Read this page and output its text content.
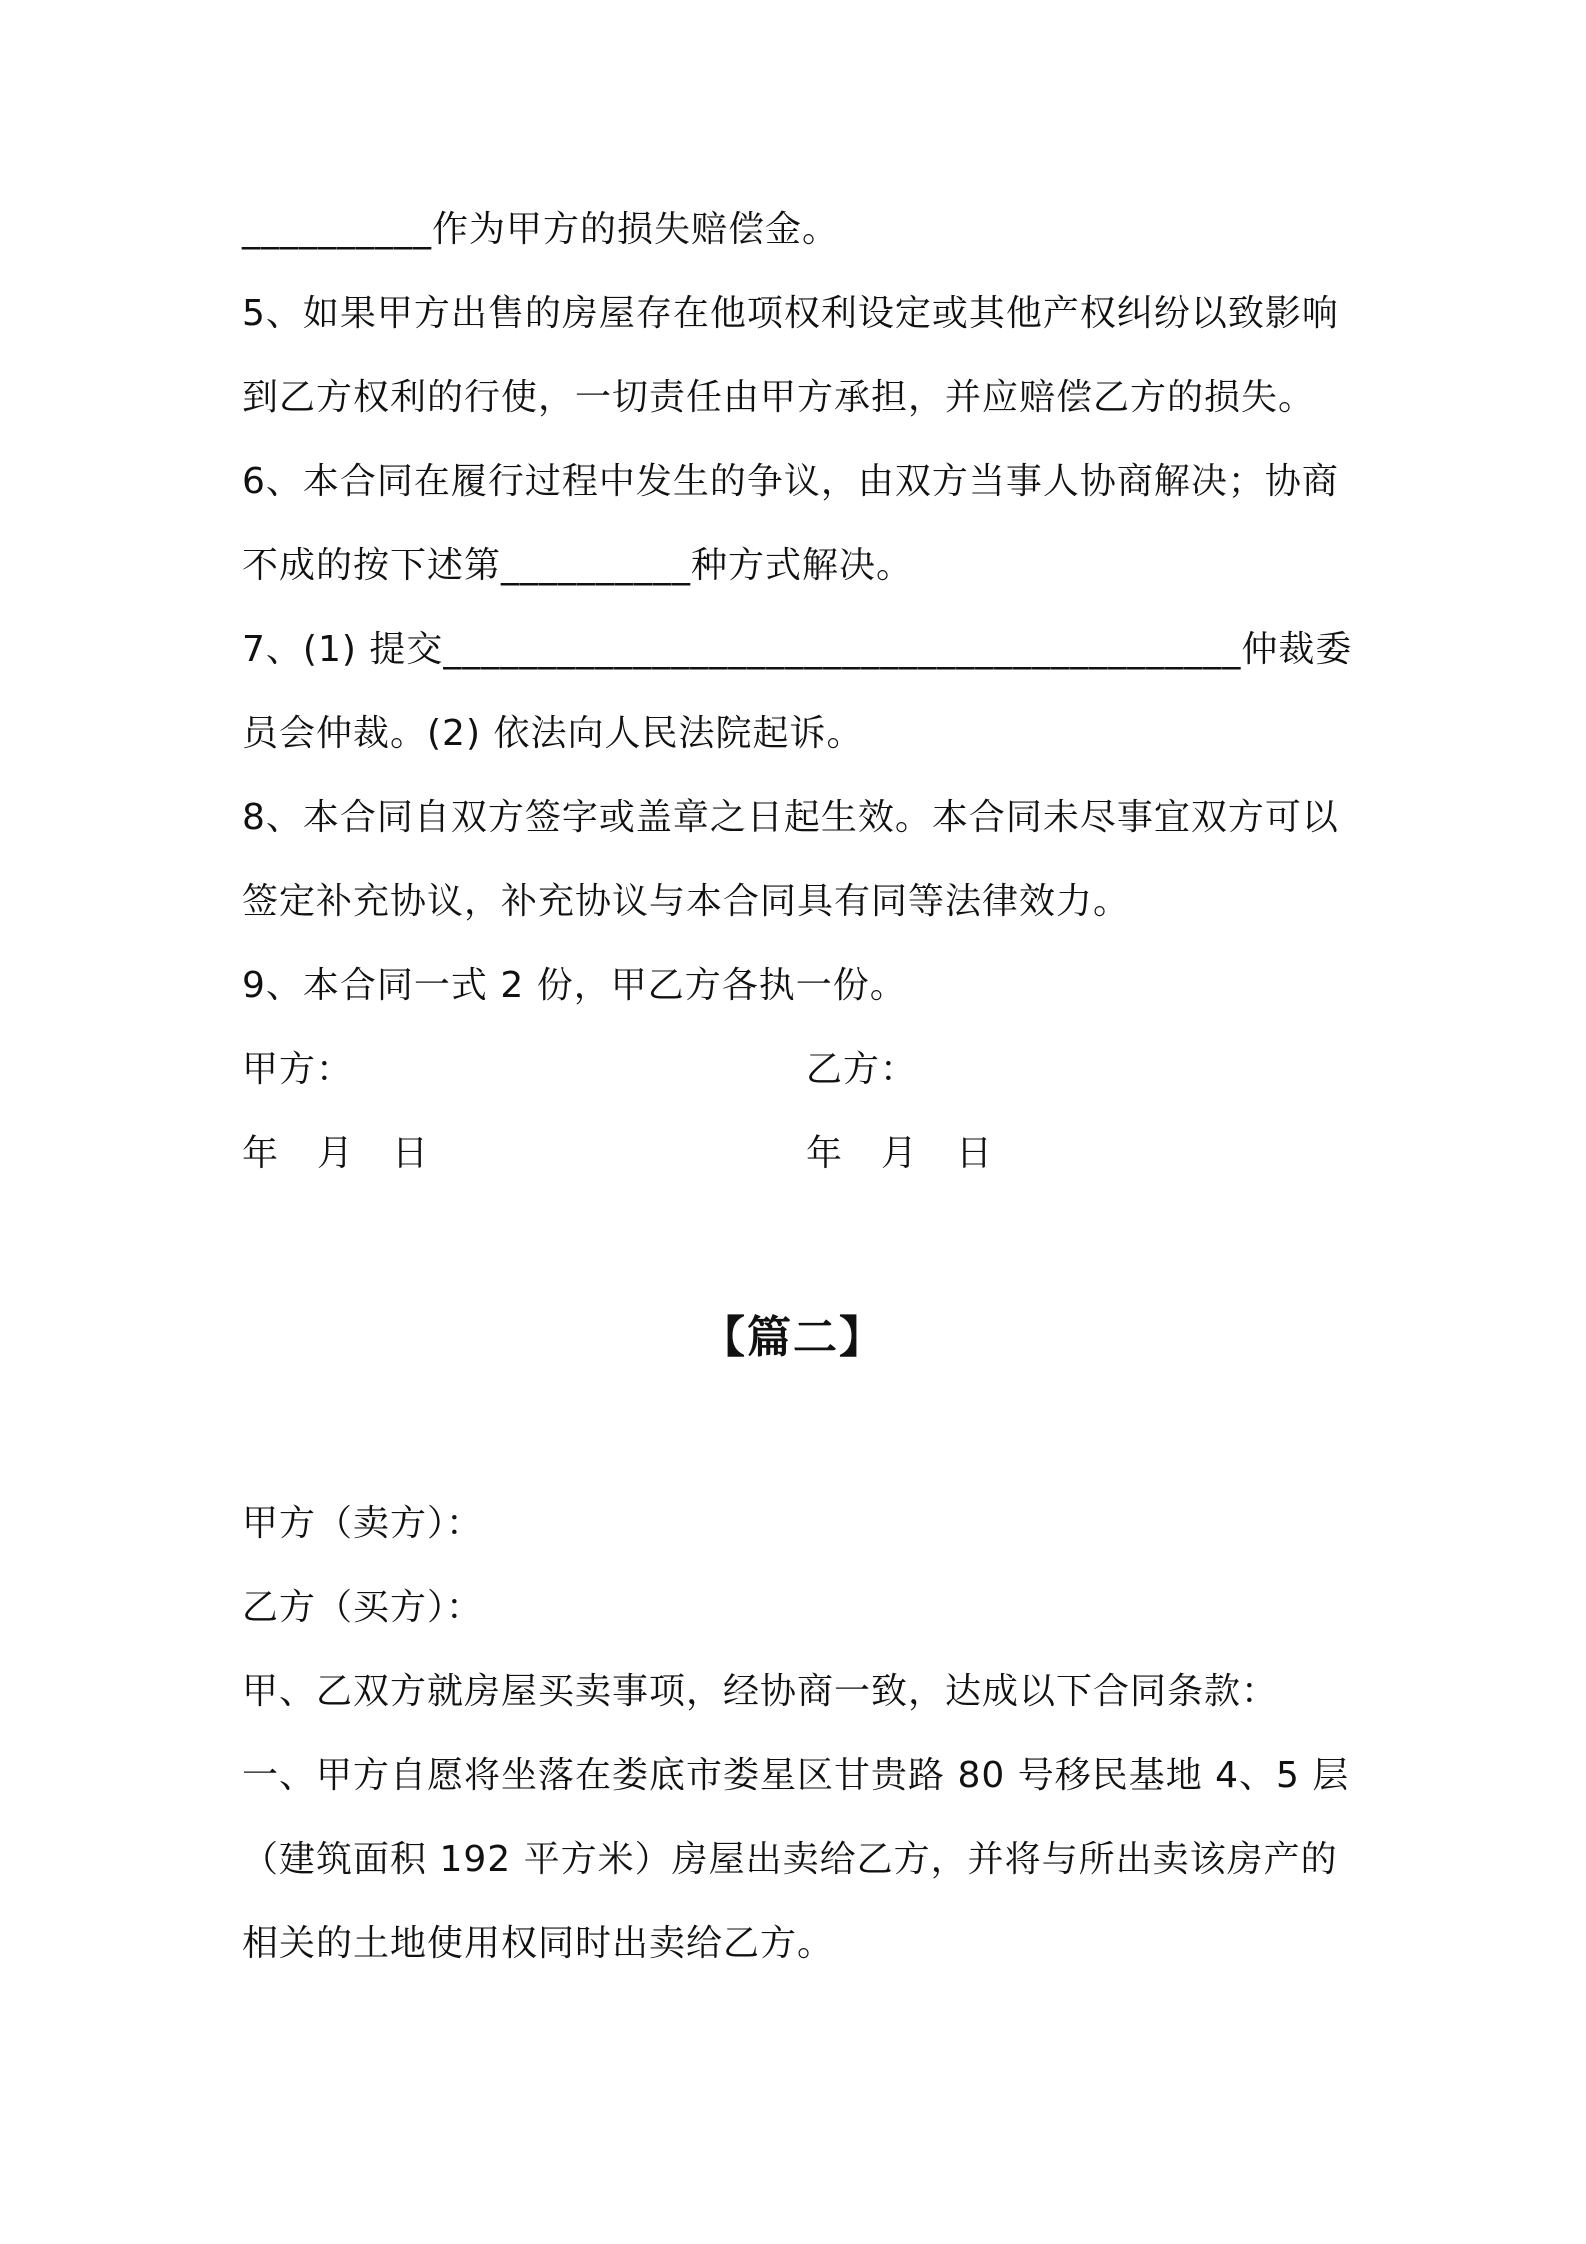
__________作为甲方的损失赔偿金。
5、如果甲方出售的房屋存在他项权利设定或其他产权纠纷以致影响
到乙方权利的行使，一切责任由甲方承担，并应赔偿乙方的损失。
6、本合同在履行过程中发生的争议，由双方当事人协商解决；协商
不成的按下述第__________种方式解决。
7、(1) 提交__________________________________________仲裁委
员会仲裁。(2) 依法向人民法院起诉。
8、本合同自双方签字或盖章之日起生效。本合同未尽事宜双方可以
签定补充协议，补充协议与本合同具有同等法律效力。
9、本合同一式 2 份，甲乙方各执一份。
甲方：	乙方：
年 月 日	年 月 日
【篇二】
甲方（卖方）：
乙方（买方）：
甲、乙双方就房屋买卖事项，经协商一致，达成以下合同条款：
一、甲方自愿将坐落在娄底市娄星区甘贵路 80 号移民基地 4、5 层
（建筑面积 192 平方米）房屋出卖给乙方，并将与所出卖该房产的
相关的土地使用权同时出卖给乙方。
